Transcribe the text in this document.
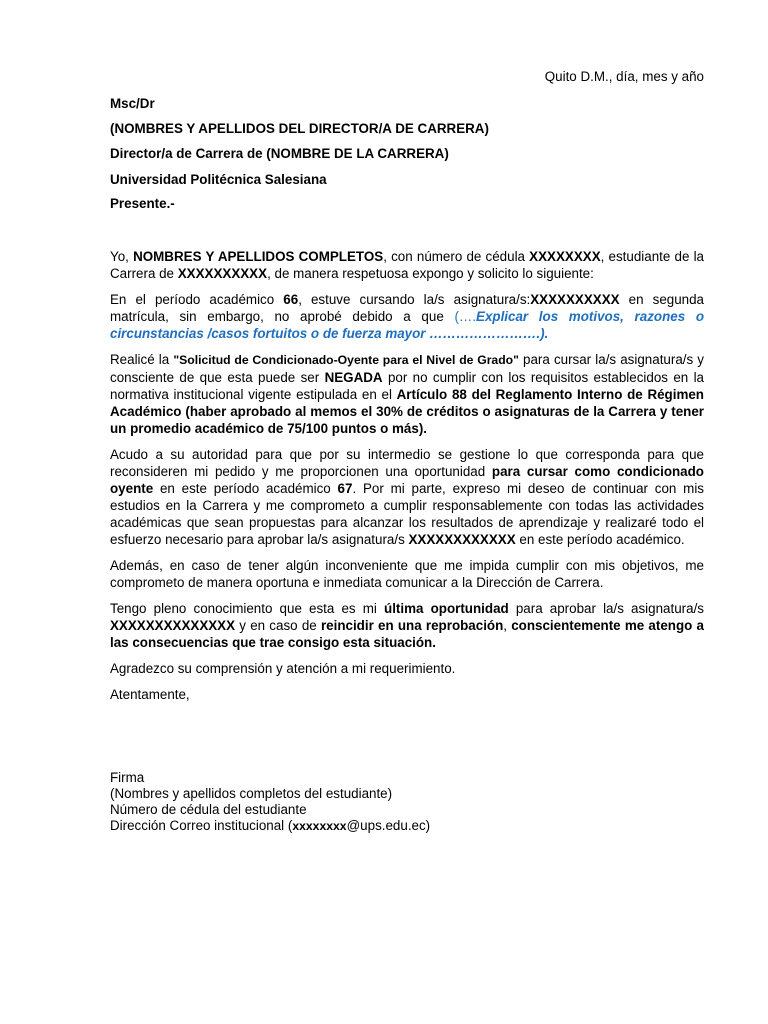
Quito D.M., día, mes y año
Msc/Dr
(NOMBRES Y APELLIDOS DEL DIRECTOR/A DE CARRERA)
Director/a de Carrera de (NOMBRE DE LA CARRERA)
Universidad Politécnica Salesiana
Presente.-

Yo, NOMBRES Y APELLIDOS COMPLETOS, con número de cédula XXXXXXXX, estudiante de la Carrera de XXXXXXXXXX, de manera respetuosa expongo y solicito lo siguiente:

En el período académico 66, estuve cursando la/s asignatura/s:XXXXXXXXXX en segunda matrícula, sin embargo, no aprobé debido a que (….Explicar los motivos, razones o circunstancias /casos fortuitos o de fuerza mayor …………………….).

Realicé la "Solicitud de Condicionado-Oyente para el Nivel de Grado" para cursar la/s asignatura/s y consciente de que esta puede ser NEGADA por no cumplir con los requisitos establecidos en la normativa institucional vigente estipulada en el Artículo 88 del Reglamento Interno de Régimen Académico (haber aprobado al memos el 30% de créditos o asignaturas de la Carrera y tener un promedio académico de 75/100 puntos o más).

Acudo a su autoridad para que por su intermedio se gestione lo que corresponda para que reconsideren mi pedido y me proporcionen una oportunidad para cursar como condicionado oyente en este período académico 67. Por mi parte, expreso mi deseo de continuar con mis estudios en la Carrera y me comprometo a cumplir responsablemente con todas las actividades académicas que sean propuestas para alcanzar los resultados de aprendizaje y realizaré todo el esfuerzo necesario para aprobar la/s asignatura/s XXXXXXXXXXXX en este período académico.

Además, en caso de tener algún inconveniente que me impida cumplir con mis objetivos, me comprometo de manera oportuna e inmediata comunicar a la Dirección de Carrera.

Tengo pleno conocimiento que esta es mi última oportunidad para aprobar la/s asignatura/s XXXXXXXXXXXXXX y en caso de reincidir en una reprobación, conscientemente me atengo a las consecuencias que trae consigo esta situación.

Agradezco su comprensión y atención a mi requerimiento.

Atentamente,

Firma
(Nombres y apellidos completos del estudiante)
Número de cédula del estudiante
Dirección Correo institucional (xxxxxxxx@ups.edu.ec)
